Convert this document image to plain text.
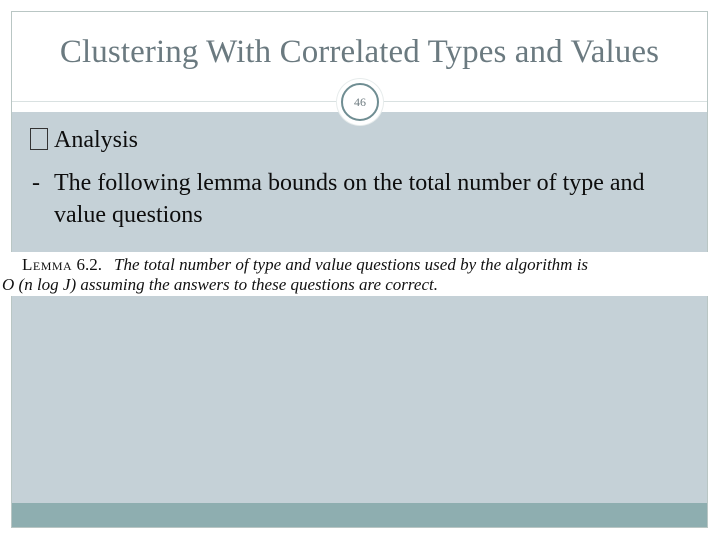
Clustering With Correlated Types and Values
46
Analysis
- The following lemma bounds on the total number of type and value questions
Lemma 6.2. The total number of type and value questions used by the algorithm is
O (n log J) assuming the answers to these questions are correct.
